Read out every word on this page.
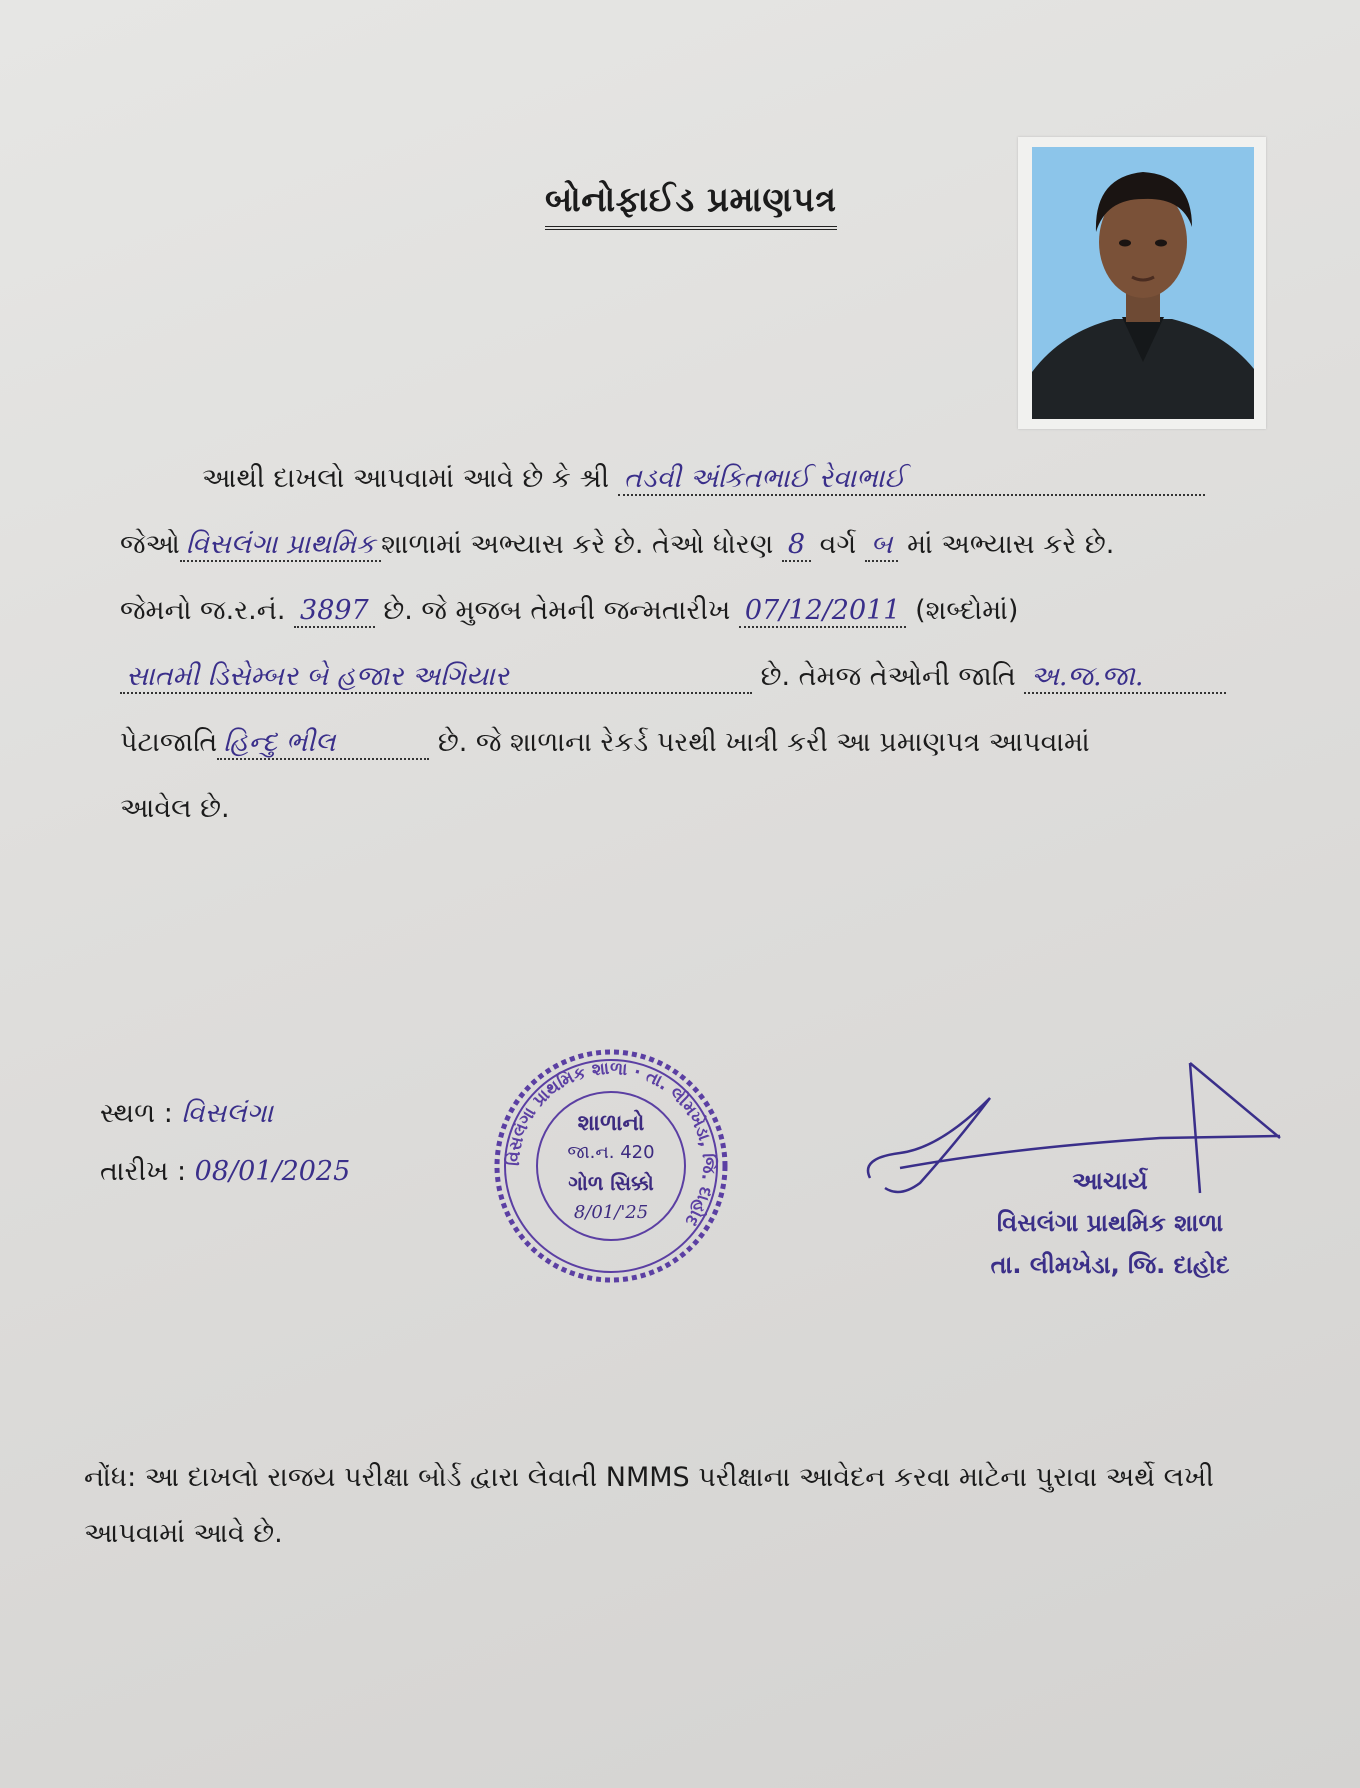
બોનોફાઈડ પ્રમાણપત્ર
આથી દાખલો આપવામાં આવે છે કે શ્રી તડવી અંકિતભાઈ રેવાભાઈ
જેઓ વિસલંગા પ્રાથમિક શાળામાં અભ્યાસ કરે છે. તેઓ ધોરણ 8 વર્ગ બ માં અભ્યાસ કરે છે.
જેમનો જ.ર.નં. 3897 છે. જે મુજબ તેમની જન્મતારીખ 07/12/2011 (શબ્દોમાં)
સાતમી ડિસેમ્બર બે હજાર અગિયાર	છે. તેમજ તેઓની જાતિ અ.જ.જા.
પેટાજાતિ હિન્દુ ભીલ	છે. જે શાળાના રેકર્ડ પરથી ખાત્રી કરી આ પ્રમાણપત્ર આપવામાં
આવેલ છે.
સ્થળ : વિસલંગા
તારીખ : 08/01/2025	વિસલંગા પ્રાથમિક શાળા · તા. લીમખેડા, જિ. દાહોદ
શાળાનો
જા.ન. 420
ગોળ સિક્કો
8/01/'25
આચાર્ય
વિસલંગા પ્રાથમિક શાળા
તા. લીમખેડા, જિ. દાહોદ
નોંધ: આ દાખલો રાજય પરીક્ષા બોર્ડ દ્વારા લેવાતી NMMS પરીક્ષાના આવેદન કરવા માટેના પુરાવા અર્થે લખી
આપવામાં આવે છે.
